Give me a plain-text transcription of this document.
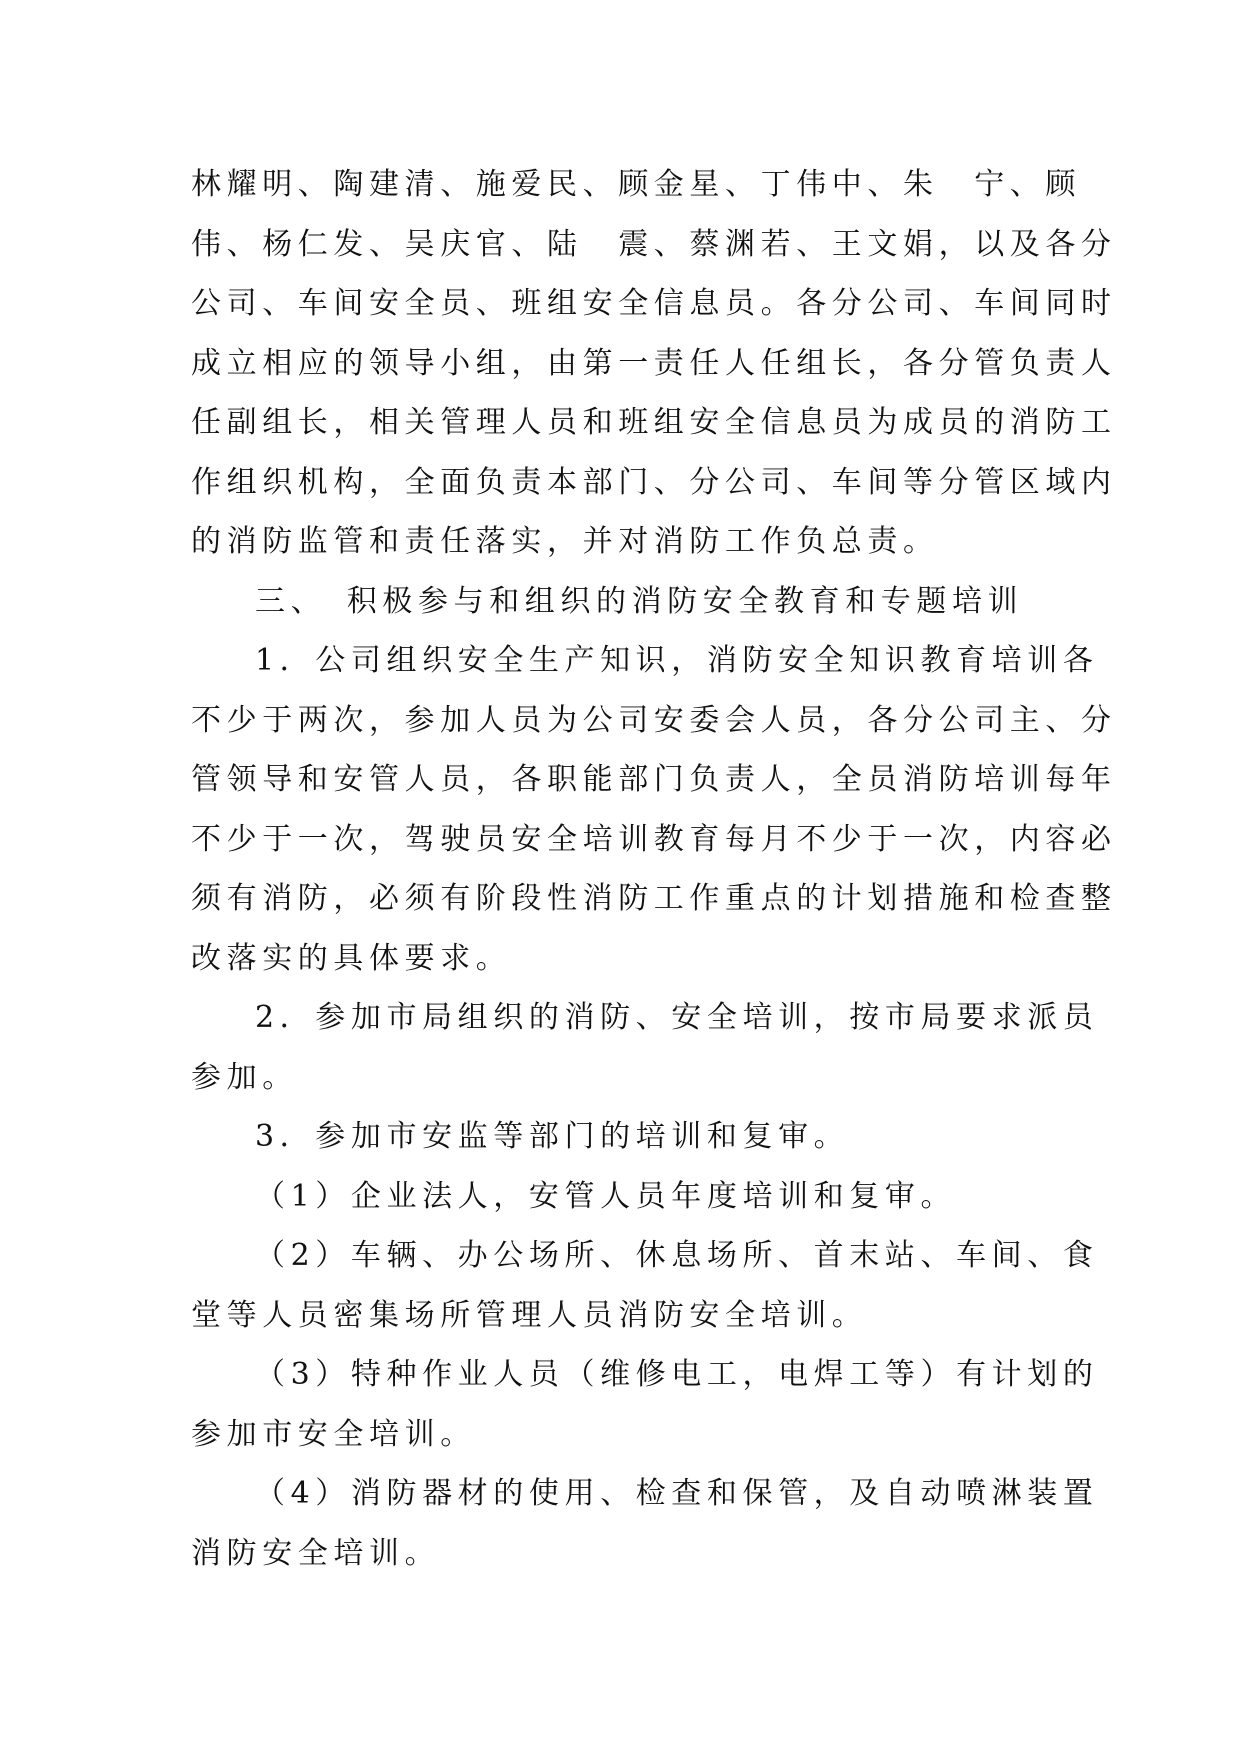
林耀明、陶建清、施爱民、顾金星、丁伟中、朱　宁、顾
伟、杨仁发、吴庆官、陆　震、蔡渊若、王文娟，以及各分
公司、车间安全员、班组安全信息员。各分公司、车间同时
成立相应的领导小组，由第一责任人任组长，各分管负责人
任副组长，相关管理人员和班组安全信息员为成员的消防工
作组织机构，全面负责本部门、分公司、车间等分管区域内
的消防监管和责任落实，并对消防工作负总责。
三、　积极参与和组织的消防安全教育和专题培训
1．公司组织安全生产知识，消防安全知识教育培训各
不少于两次，参加人员为公司安委会人员，各分公司主、分
管领导和安管人员，各职能部门负责人，全员消防培训每年
不少于一次，驾驶员安全培训教育每月不少于一次，内容必
须有消防，必须有阶段性消防工作重点的计划措施和检查整
改落实的具体要求。
2．参加市局组织的消防、安全培训，按市局要求派员
参加。
3．参加市安监等部门的培训和复审。
（1）企业法人，安管人员年度培训和复审。
（2）车辆、办公场所、休息场所、首末站、车间、食
堂等人员密集场所管理人员消防安全培训。
（3）特种作业人员（维修电工，电焊工等）有计划的
参加市安全培训。
（4）消防器材的使用、检查和保管，及自动喷淋装置
消防安全培训。
